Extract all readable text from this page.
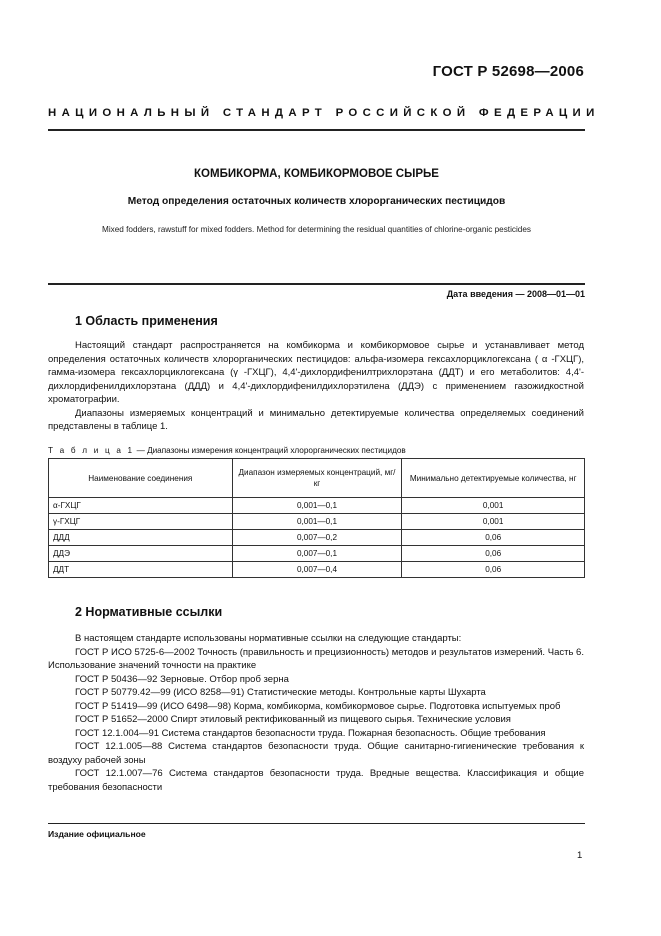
ГОСТ Р 52698—2006
НАЦИОНАЛЬНЫЙ СТАНДАРТ РОССИЙСКОЙ ФЕДЕРАЦИИ
КОМБИКОРМА, КОМБИКОРМОВОЕ СЫРЬЕ
Метод определения остаточных количеств хлорорганических пестицидов
Mixed fodders, rawstuff for mixed fodders. Method for determining the residual quantities of chlorine-organic pesticides
Дата введения — 2008—01—01
1 Область применения

Настоящий стандарт распространяется на комбикорма и комбикормовое сырье и устанавливает метод определения остаточных количеств хлорорганических пестицидов: альфа-изомера гексахлорциклогексана ( α -ГХЦГ), гамма-изомера гексахлорциклогексана (γ -ГХЦГ), 4,4'-дихлордифенилтрихлорэтана (ДДТ) и его метаболитов: 4,4'-дихлордифенилдихлорэтана (ДДД) и 4,4'-дихлордифенилдихлорэтилена (ДДЭ) с применением газожидкостной хроматографии.

Диапазоны измеряемых концентраций и минимально детектируемые количества определяемых соединений представлены в таблице 1.

Т а б л и ц а 1 — Диапазоны измерения концентраций хлорорганических пестицидов
Наименование соединения	Диапазон измеряемых концентраций, мг/кг	Минимально детектируемые количества, нг
α-ГХЦГ	0,001—0,1	0,001
γ-ГХЦГ	0,001—0,1	0,001
ДДД	0,007—0,2	0,06
ДДЭ	0,007—0,1	0,06
ДДТ	0,007—0,4	0,06
2 Нормативные ссылки

В настоящем стандарте использованы нормативные ссылки на следующие стандарты:

ГОСТ Р ИСО 5725-6—2002 Точность (правильность и прецизионность) методов и результатов измерений. Часть 6. Использование значений точности на практике

ГОСТ Р 50436—92 Зерновые. Отбор проб зерна

ГОСТ Р 50779.42—99 (ИСО 8258—91) Статистические методы. Контрольные карты Шухарта

ГОСТ Р 51419—99 (ИСО 6498—98) Корма, комбикорма, комбикормовое сырье. Подготовка испытуемых проб

ГОСТ Р 51652—2000 Спирт этиловый ректификованный из пищевого сырья. Технические условия

ГОСТ 12.1.004—91 Система стандартов безопасности труда. Пожарная безопасность. Общие требования

ГОСТ 12.1.005—88 Система стандартов безопасности труда. Общие санитарно-гигиенические требования к воздуху рабочей зоны

ГОСТ 12.1.007—76 Система стандартов безопасности труда. Вредные вещества. Классификация и общие требования безопасности

Издание официальное
1
